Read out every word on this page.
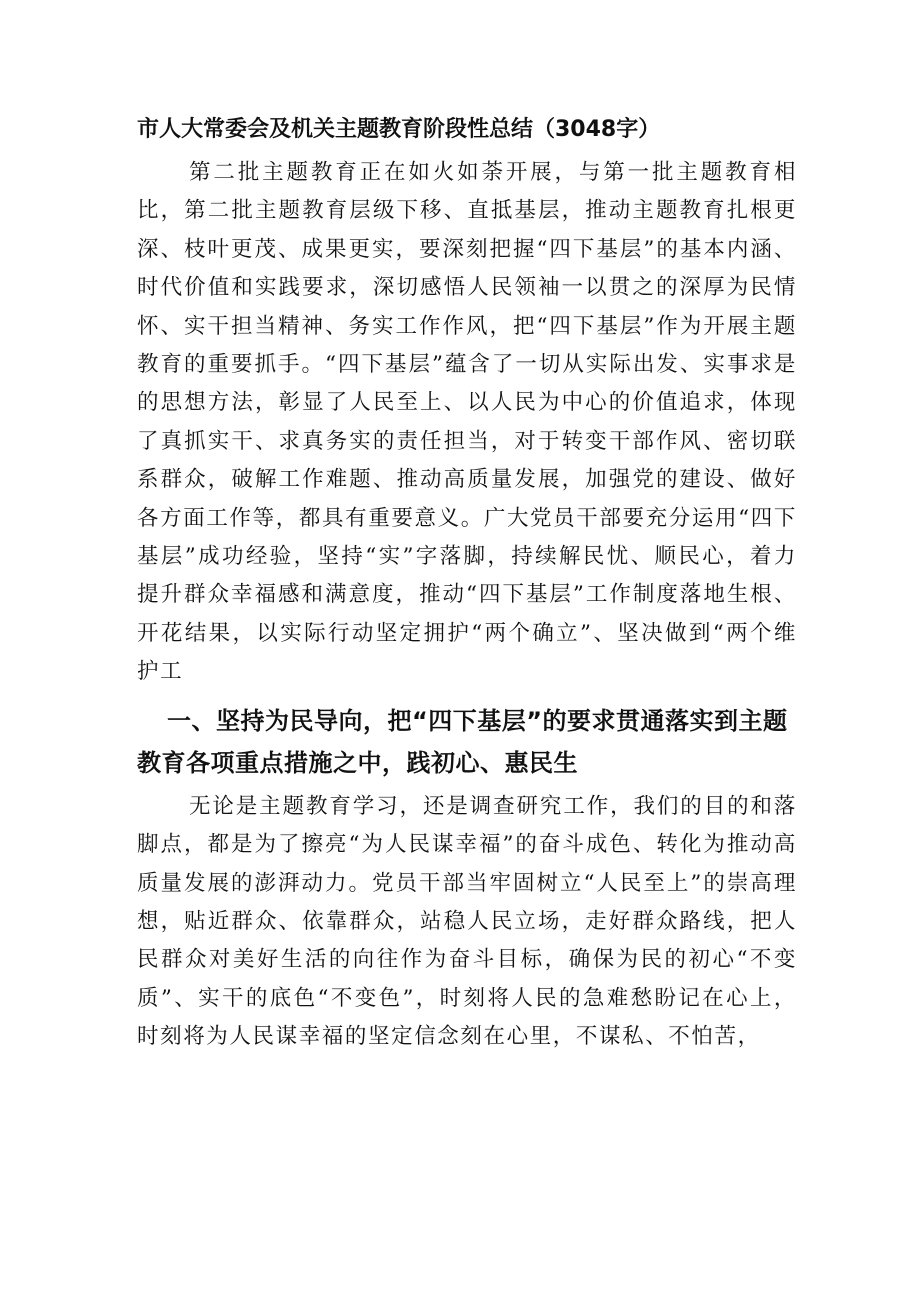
市人大常委会及机关主题教育阶段性总结（3048字）

第二批主题教育正在如火如荼开展，与第一批主题教育相比，第二批主题教育层级下移、直抵基层，推动主题教育扎根更深、枝叶更茂、成果更实，要深刻把握“四下基层”的基本内涵、时代价值和实践要求，深切感悟人民领袖一以贯之的深厚为民情怀、实干担当精神、务实工作作风，把“四下基层”作为开展主题教育的重要抓手。“四下基层”蕴含了一切从实际出发、实事求是的思想方法，彰显了人民至上、以人民为中心的价值追求，体现了真抓实干、求真务实的责任担当，对于转变干部作风、密切联系群众，破解工作难题、推动高质量发展，加强党的建设、做好各方面工作等，都具有重要意义。广大党员干部要充分运用“四下基层”成功经验，坚持“实”字落脚，持续解民忧、顺民心，着力提升群众幸福感和满意度，推动“四下基层”工作制度落地生根、开花结果，以实际行动坚定拥护“两个确立”、坚决做到“两个维护工

一、坚持为民导向，把“四下基层”的要求贯通落实到主题教育各项重点措施之中，践初心、惠民生

无论是主题教育学习，还是调查研究工作，我们的目的和落脚点，都是为了擦亮“为人民谋幸福”的奋斗成色、转化为推动高质量发展的澎湃动力。党员干部当牢固树立“人民至上”的崇高理想，贴近群众、依靠群众，站稳人民立场，走好群众路线，把人民群众对美好生活的向往作为奋斗目标，确保为民的初心“不变质”、实干的底色“不变色”，时刻将人民的急难愁盼记在心上，时刻将为人民谋幸福的坚定信念刻在心里，不谋私、不怕苦，
